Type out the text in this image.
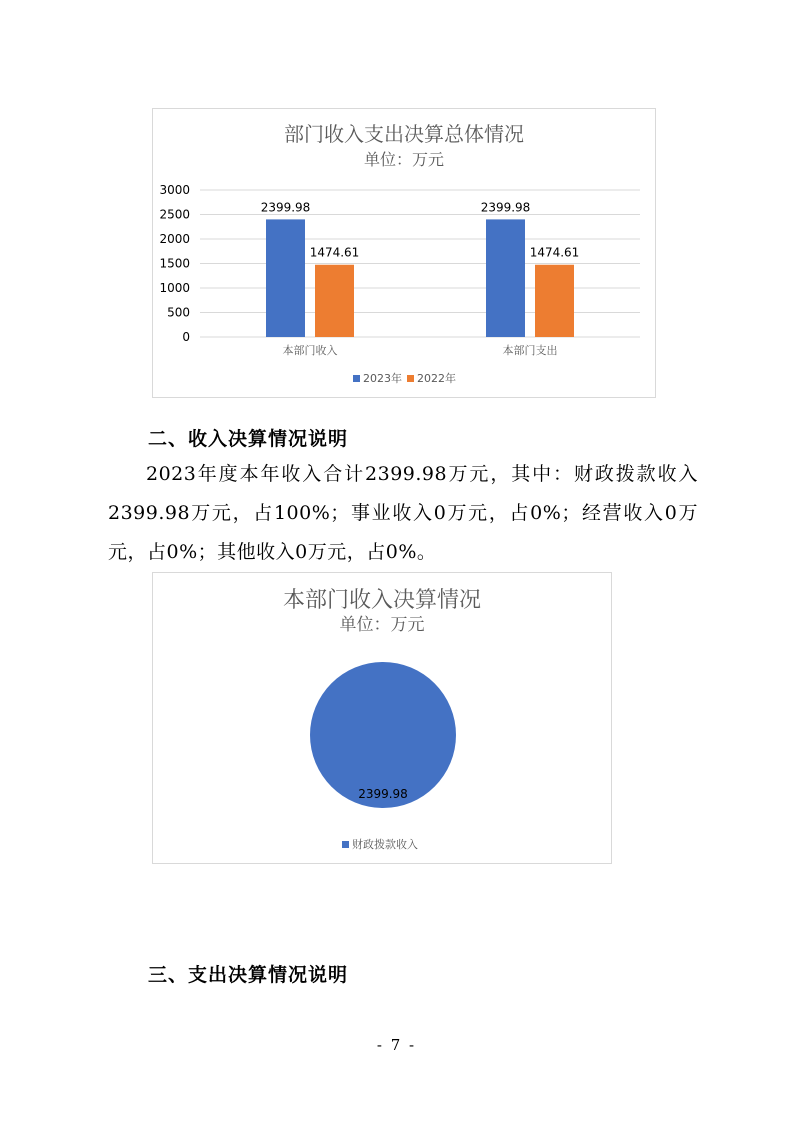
部门收入支出决算总体情况
单位：万元
0
500
1000
1500
2000
2500
3000
2399.98
1474.61
2399.98
1474.61
本部门收入	本部门支出
2023年 2022年
二、收入决算情况说明
2023年度本年收入合计2399.98万元，其中：财政拨款收入2399.98万元，占100%；事业收入0万元，占0%；经营收入0万元，占0%；其他收入0万元，占0%。
本部门收入决算情况
单位：万元
2399.98
财政拨款收入
三、支出决算情况说明
- 7 -
